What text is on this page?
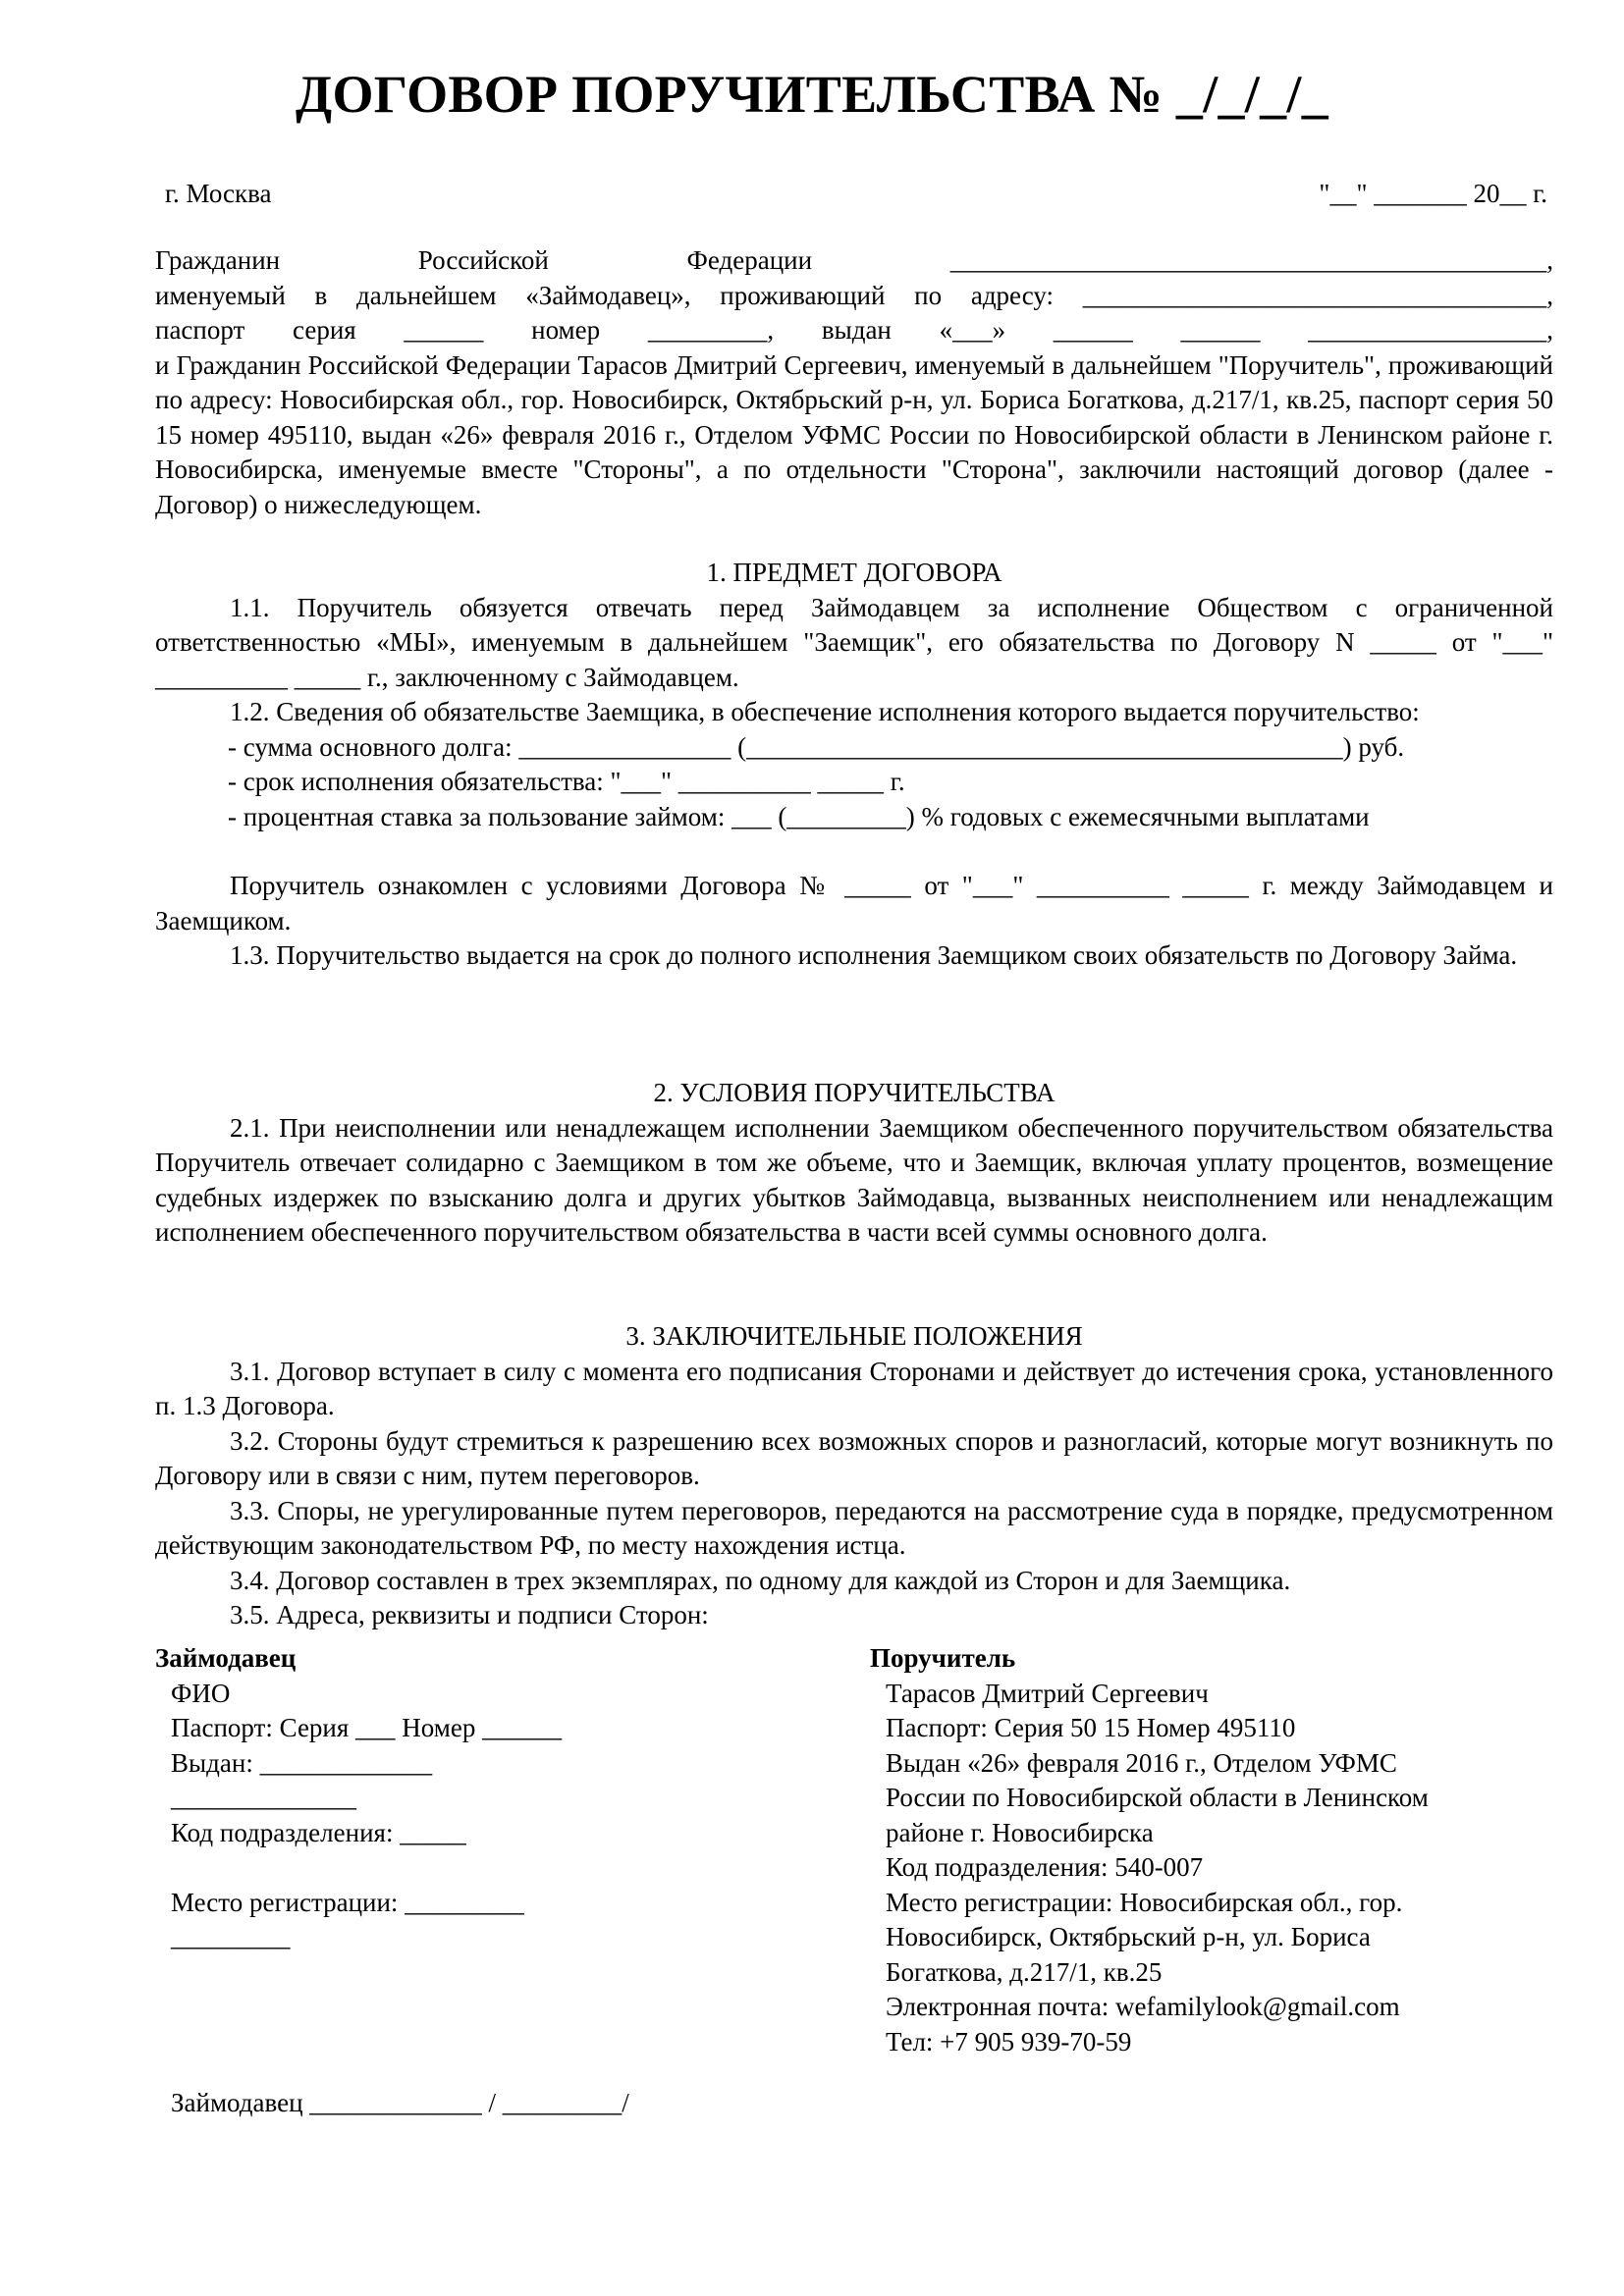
ДОГОВОР ПОРУЧИТЕЛЬСТВА № _/_/_/_
г. Москва	"__" _______ 20__ г.

Гражданин	Российской	Федерации	_____________________________________________,

именуемый в дальнейшем «Займодавец», проживающий по адресу: ___________________________________,

паспорт серия ______ номер _________, выдан «___» ______ ______ __________________,

и Гражданин Российской Федерации Тарасов Дмитрий Сергеевич, именуемый в дальнейшем "Поручитель", проживающий по адресу: Новосибирская обл., гор. Новосибирск, Октябрьский р-н, ул. Бориса Богаткова, д.217/1, кв.25, паспорт серия 50 15 номер 495110, выдан «26» февраля 2016 г., Отделом УФМС России по Новосибирской области в Ленинском районе г. Новосибирска, именуемые вместе "Стороны", а по отдельности "Сторона", заключили настоящий договор (далее - Договор) о нижеследующем.

1. ПРЕДМЕТ ДОГОВОРА

1.1. Поручитель обязуется отвечать перед Займодавцем за исполнение Обществом с ограниченной ответственностью «МЫ», именуемым в дальнейшем "Заемщик", его обязательства по Договору N _____ от "___" __________ _____ г., заключенному с Займодавцем.

1.2. Сведения об обязательстве Заемщика, в обеспечение исполнения которого выдается поручительство:

- сумма основного долга: ________________ (_____________________________________________) руб.

- срок исполнения обязательства: "___" __________ _____ г.

- процентная ставка за пользование займом: ___ (_________) % годовых с ежемесячными выплатами

Поручитель ознакомлен с условиями Договора № _____ от "___" __________ _____ г. между Займодавцем и Заемщиком.

1.3. Поручительство выдается на срок до полного исполнения Заемщиком своих обязательств по Договору Займа.

2. УСЛОВИЯ ПОРУЧИТЕЛЬСТВА

2.1. При неисполнении или ненадлежащем исполнении Заемщиком обеспеченного поручительством обязательства Поручитель отвечает солидарно с Заемщиком в том же объеме, что и Заемщик, включая уплату процентов, возмещение судебных издержек по взысканию долга и других убытков Займодавца, вызванных неисполнением или ненадлежащим исполнением обеспеченного поручительством обязательства в части всей суммы основного долга.

3. ЗАКЛЮЧИТЕЛЬНЫЕ ПОЛОЖЕНИЯ

3.1. Договор вступает в силу с момента его подписания Сторонами и действует до истечения срока, установленного п. 1.3 Договора.

3.2. Стороны будут стремиться к разрешению всех возможных споров и разногласий, которые могут возникнуть по Договору или в связи с ним, путем переговоров.

3.3. Споры, не урегулированные путем переговоров, передаются на рассмотрение суда в порядке, предусмотренном действующим законодательством РФ, по месту нахождения истца.

3.4. Договор составлен в трех экземплярах, по одному для каждой из Сторон и для Заемщика.

3.5. Адреса, реквизиты и подписи Сторон:

Займодавец
ФИО
Паспорт: Серия ___ Номер ______
Выдан: _____________
______________
Код подразделения: _____
Место регистрации: _________
_________
Поручитель
Тарасов Дмитрий Сергеевич
Паспорт: Серия 50 15 Номер 495110
Выдан «26» февраля 2016 г., Отделом УФМС
России по Новосибирской области в Ленинском
районе г. Новосибирска
Код подразделения: 540-007
Место регистрации: Новосибирская обл., гор.
Новосибирск, Октябрьский р-н, ул. Бориса
Богаткова, д.217/1, кв.25
Электронная почта: wefamilylook@gmail.com
Тел: +7 905 939-70-59
Займодавец _____________ / _________/
